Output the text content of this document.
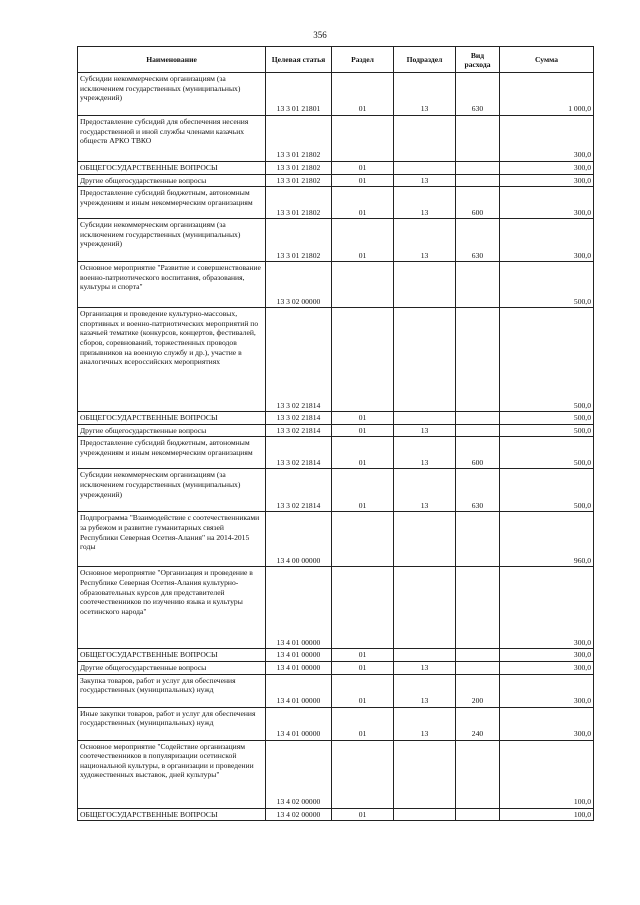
356
Наименование	Целевая статья	Раздел	Подраздел	Вид расхода	Сумма
Субсидии некоммерческим организациям (за исключением государственных (муниципальных) учреждений)	13 3 01 21801	01	13	630	1 000,0
Предоставление субсидий для обеспечения несения государственной и иной службы членами казачьих обществ АРКО ТВКО	13 3 01 21802				300,0
ОБЩЕГОСУДАРСТВЕННЫЕ ВОПРОСЫ	13 3 01 21802	01			300,0
Другие общегосударственные вопросы	13 3 01 21802	01	13		300,0
Предоставление субсидий бюджетным, автономным учреждениям и иным некоммерческим организациям	13 3 01 21802	01	13	600	300,0
Субсидии некоммерческим организациям (за исключением государственных (муниципальных) учреждений)	13 3 01 21802	01	13	630	300,0
Основное мероприятие "Развитие и совершенствование военно-патриотического воспитания, образования, культуры и спорта"	13 3 02 00000				500,0
Организация и проведение культурно-массовых, спортивных и военно-патриотических мероприятий по казачьей тематике (конкурсов, концертов, фестивалей, сборов, соревнований, торжественных проводов призывников на военную службу и др.), участие в аналогичных всероссийских мероприятиях	13 3 02 21814				500,0
ОБЩЕГОСУДАРСТВЕННЫЕ ВОПРОСЫ	13 3 02 21814	01			500,0
Другие общегосударственные вопросы	13 3 02 21814	01	13		500,0
Предоставление субсидий бюджетным, автономным учреждениям и иным некоммерческим организациям	13 3 02 21814	01	13	600	500,0
Субсидии некоммерческим организациям (за исключением государственных (муниципальных) учреждений)	13 3 02 21814	01	13	630	500,0
Подпрограмма "Взаимодействие с соотечественниками за рубежом и развитие гуманитарных связей Республики Северная Осетия-Алания" на 2014-2015 годы	13 4 00 00000				960,0
Основное мероприятие "Организация и проведение в Республике Северная Осетия-Алания культурно-образовательных курсов для представителей соотечественников по изучению языка и культуры осетинского народа"	13 4 01 00000				300,0
ОБЩЕГОСУДАРСТВЕННЫЕ ВОПРОСЫ	13 4 01 00000	01			300,0
Другие общегосударственные вопросы	13 4 01 00000	01	13		300,0
Закупка товаров, работ и услуг для обеспечения государственных (муниципальных) нужд	13 4 01 00000	01	13	200	300,0
Иные закупки товаров, работ и услуг для обеспечения государственных (муниципальных) нужд	13 4 01 00000	01	13	240	300,0
Основное мероприятие "Содействие организациям соотечественников в популяризации осетинской национальной культуры, в организации и проведении художественных выставок, дней культуры"	13 4 02 00000				100,0
ОБЩЕГОСУДАРСТВЕННЫЕ ВОПРОСЫ	13 4 02 00000	01			100,0
